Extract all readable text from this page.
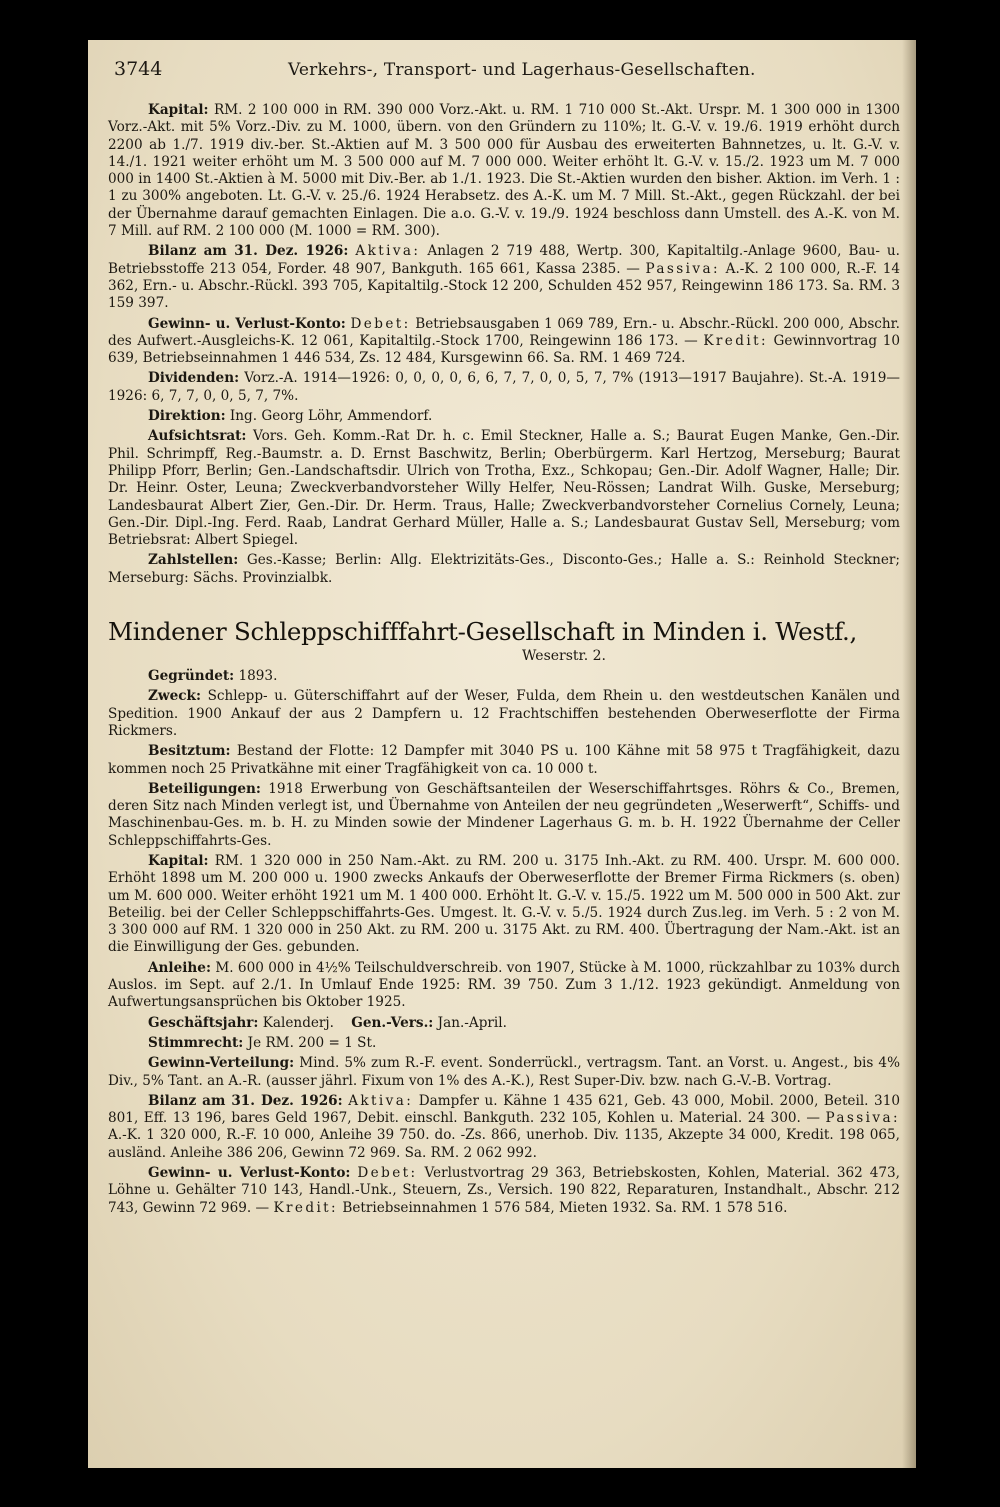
3744	Verkehrs-, Transport- und Lagerhaus-Gesellschaften.

Kapital: RM. 2 100 000 in RM. 390 000 Vorz.-Akt. u. RM. 1 710 000 St.-Akt. Urspr. M. 1 300 000 in 1300 Vorz.-Akt. mit 5% Vorz.-Div. zu M. 1000, übern. von den Gründern zu 110%; lt. G.-V. v. 19./6. 1919 erhöht durch 2200 ab 1./7. 1919 div.-ber. St.-Aktien auf M. 3 500 000 für Ausbau des erweiterten Bahnnetzes, u. lt. G.-V. v. 14./1. 1921 weiter erhöht um M. 3 500 000 auf M. 7 000 000. Weiter erhöht lt. G.-V. v. 15./2. 1923 um M. 7 000 000 in 1400 St.-Aktien à M. 5000 mit Div.-Ber. ab 1./1. 1923. Die St.-Aktien wurden den bisher. Aktion. im Verh. 1 : 1 zu 300% angeboten. Lt. G.-V. v. 25./6. 1924 Herabsetz. des A.-K. um M. 7 Mill. St.-Akt., gegen Rückzahl. der bei der Übernahme darauf gemachten Einlagen. Die a.o. G.-V. v. 19./9. 1924 beschloss dann Umstell. des A.-K. von M. 7 Mill. auf RM. 2 100 000 (M. 1000 = RM. 300).

Bilanz am 31. Dez. 1926: Aktiva: Anlagen 2 719 488, Wertp. 300, Kapitaltilg.-Anlage 9600, Bau- u. Betriebsstoffe 213 054, Forder. 48 907, Bankguth. 165 661, Kassa 2385. — Passiva: A.-K. 2 100 000, R.-F. 14 362, Ern.- u. Abschr.-Rückl. 393 705, Kapitaltilg.-Stock 12 200, Schulden 452 957, Reingewinn 186 173. Sa. RM. 3 159 397.

Gewinn- u. Verlust-Konto: Debet: Betriebsausgaben 1 069 789, Ern.- u. Abschr.-Rückl. 200 000, Abschr. des Aufwert.-Ausgleichs-K. 12 061, Kapitaltilg.-Stock 1700, Reingewinn 186 173. — Kredit: Gewinnvortrag 10 639, Betriebseinnahmen 1 446 534, Zs. 12 484, Kursgewinn 66. Sa. RM. 1 469 724.

Dividenden: Vorz.-A. 1914—1926: 0, 0, 0, 0, 6, 6, 7, 7, 0, 0, 5, 7, 7% (1913—1917 Baujahre). St.-A. 1919—1926: 6, 7, 7, 0, 0, 5, 7, 7%.

Direktion: Ing. Georg Löhr, Ammendorf.

Aufsichtsrat: Vors. Geh. Komm.-Rat Dr. h. c. Emil Steckner, Halle a. S.; Baurat Eugen Manke, Gen.-Dir. Phil. Schrimpff, Reg.-Baumstr. a. D. Ernst Baschwitz, Berlin; Oberbürgerm. Karl Hertzog, Merseburg; Baurat Philipp Pforr, Berlin; Gen.-Landschaftsdir. Ulrich von Trotha, Exz., Schkopau; Gen.-Dir. Adolf Wagner, Halle; Dir. Dr. Heinr. Oster, Leuna; Zweckverbandvorsteher Willy Helfer, Neu-Rössen; Landrat Wilh. Guske, Merseburg; Landesbaurat Albert Zier, Gen.-Dir. Dr. Herm. Traus, Halle; Zweckverbandvorsteher Cornelius Cornely, Leuna; Gen.-Dir. Dipl.-Ing. Ferd. Raab, Landrat Gerhard Müller, Halle a. S.; Landesbaurat Gustav Sell, Merseburg; vom Betriebsrat: Albert Spiegel.

Zahlstellen: Ges.-Kasse; Berlin: Allg. Elektrizitäts-Ges., Disconto-Ges.; Halle a. S.: Reinhold Steckner; Merseburg: Sächs. Provinzialbk.

Mindener Schleppschifffahrt-Gesellschaft in Minden i. Westf.,
Weserstr. 2.

Gegründet: 1893.

Zweck: Schlepp- u. Güterschiffahrt auf der Weser, Fulda, dem Rhein u. den westdeutschen Kanälen und Spedition. 1900 Ankauf der aus 2 Dampfern u. 12 Frachtschiffen bestehenden Oberweserflotte der Firma Rickmers.

Besitztum: Bestand der Flotte: 12 Dampfer mit 3040 PS u. 100 Kähne mit 58 975 t Tragfähigkeit, dazu kommen noch 25 Privatkähne mit einer Tragfähigkeit von ca. 10 000 t.

Beteiligungen: 1918 Erwerbung von Geschäftsanteilen der Weserschiffahrtsges. Röhrs & Co., Bremen, deren Sitz nach Minden verlegt ist, und Übernahme von Anteilen der neu gegründeten „Weserwerft“, Schiffs- und Maschinenbau-Ges. m. b. H. zu Minden sowie der Mindener Lagerhaus G. m. b. H. 1922 Übernahme der Celler Schleppschiffahrts-Ges.

Kapital: RM. 1 320 000 in 250 Nam.-Akt. zu RM. 200 u. 3175 Inh.-Akt. zu RM. 400. Urspr. M. 600 000. Erhöht 1898 um M. 200 000 u. 1900 zwecks Ankaufs der Oberweserflotte der Bremer Firma Rickmers (s. oben) um M. 600 000. Weiter erhöht 1921 um M. 1 400 000. Erhöht lt. G.-V. v. 15./5. 1922 um M. 500 000 in 500 Akt. zur Beteilig. bei der Celler Schleppschiffahrts-Ges. Umgest. lt. G.-V. v. 5./5. 1924 durch Zus.leg. im Verh. 5 : 2 von M. 3 300 000 auf RM. 1 320 000 in 250 Akt. zu RM. 200 u. 3175 Akt. zu RM. 400. Übertragung der Nam.-Akt. ist an die Einwilligung der Ges. gebunden.

Anleihe: M. 600 000 in 4½% Teilschuldverschreib. von 1907, Stücke à M. 1000, rückzahlbar zu 103% durch Auslos. im Sept. auf 2./1. In Umlauf Ende 1925: RM. 39 750. Zum 3 1./12. 1923 gekündigt. Anmeldung von Aufwertungsansprüchen bis Oktober 1925.

Geschäftsjahr: Kalenderj. Gen.-Vers.: Jan.-April.

Stimmrecht: Je RM. 200 = 1 St.

Gewinn-Verteilung: Mind. 5% zum R.-F. event. Sonderrückl., vertragsm. Tant. an Vorst. u. Angest., bis 4% Div., 5% Tant. an A.-R. (ausser jährl. Fixum von 1% des A.-K.), Rest Super-Div. bzw. nach G.-V.-B. Vortrag.

Bilanz am 31. Dez. 1926: Aktiva: Dampfer u. Kähne 1 435 621, Geb. 43 000, Mobil. 2000, Beteil. 310 801, Eff. 13 196, bares Geld 1967, Debit. einschl. Bankguth. 232 105, Kohlen u. Material. 24 300. — Passiva: A.-K. 1 320 000, R.-F. 10 000, Anleihe 39 750. do. -Zs. 866, unerhob. Div. 1135, Akzepte 34 000, Kredit. 198 065, ausländ. Anleihe 386 206, Gewinn 72 969. Sa. RM. 2 062 992.

Gewinn- u. Verlust-Konto: Debet: Verlustvortrag 29 363, Betriebskosten, Kohlen, Material. 362 473, Löhne u. Gehälter 710 143, Handl.-Unk., Steuern, Zs., Versich. 190 822, Reparaturen, Instandhalt., Abschr. 212 743, Gewinn 72 969. — Kredit: Betriebseinnahmen 1 576 584, Mieten 1932. Sa. RM. 1 578 516.
